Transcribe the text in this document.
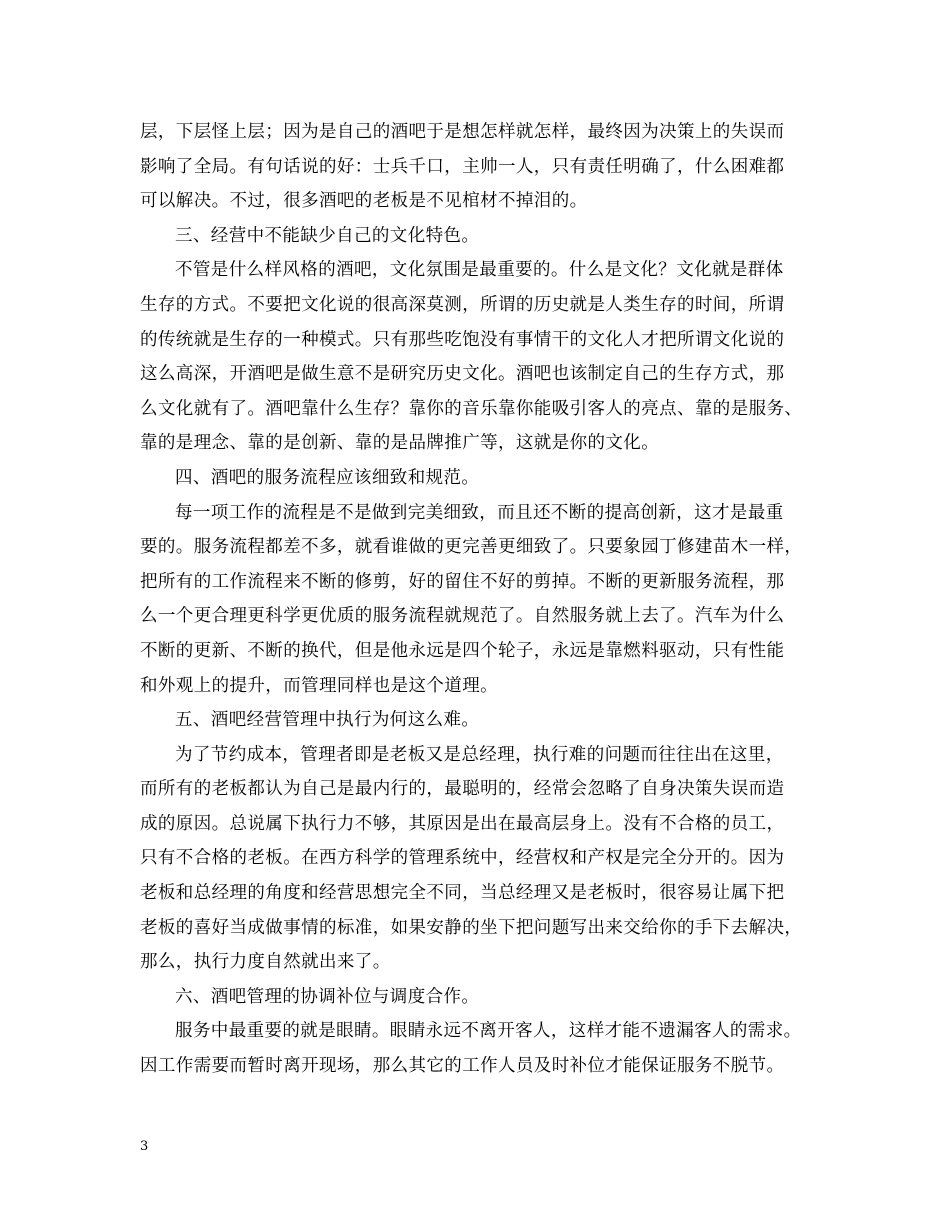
层，下层怪上层；因为是自己的酒吧于是想怎样就怎样，最终因为决策上的失误而
影响了全局。有句话说的好：士兵千口，主帅一人，只有责任明确了，什么困难都
可以解决。不过，很多酒吧的老板是不见棺材不掉泪的。
三、经营中不能缺少自己的文化特色。
不管是什么样风格的酒吧，文化氛围是最重要的。什么是文化？文化就是群体
生存的方式。不要把文化说的很高深莫测，所谓的历史就是人类生存的时间，所谓
的传统就是生存的一种模式。只有那些吃饱没有事情干的文化人才把所谓文化说的
这么高深，开酒吧是做生意不是研究历史文化。酒吧也该制定自己的生存方式，那
么文化就有了。酒吧靠什么生存？靠你的音乐靠你能吸引客人的亮点、靠的是服务、
靠的是理念、靠的是创新、靠的是品牌推广等，这就是你的文化。
四、酒吧的服务流程应该细致和规范。
每一项工作的流程是不是做到完美细致，而且还不断的提高创新，这才是最重
要的。服务流程都差不多，就看谁做的更完善更细致了。只要象园丁修建苗木一样，
把所有的工作流程来不断的修剪，好的留住不好的剪掉。不断的更新服务流程，那
么一个更合理更科学更优质的服务流程就规范了。自然服务就上去了。汽车为什么
不断的更新、不断的换代，但是他永远是四个轮子，永远是靠燃料驱动，只有性能
和外观上的提升，而管理同样也是这个道理。
五、酒吧经营管理中执行为何这么难。
为了节约成本，管理者即是老板又是总经理，执行难的问题而往往出在这里，
而所有的老板都认为自己是最内行的，最聪明的，经常会忽略了自身决策失误而造
成的原因。总说属下执行力不够，其原因是出在最高层身上。没有不合格的员工，
只有不合格的老板。在西方科学的管理系统中，经营权和产权是完全分开的。因为
老板和总经理的角度和经营思想完全不同，当总经理又是老板时，很容易让属下把
老板的喜好当成做事情的标准，如果安静的坐下把问题写出来交给你的手下去解决，
那么，执行力度自然就出来了。
六、酒吧管理的协调补位与调度合作。
服务中最重要的就是眼睛。眼睛永远不离开客人，这样才能不遗漏客人的需求。
因工作需要而暂时离开现场，那么其它的工作人员及时补位才能保证服务不脱节。
3
